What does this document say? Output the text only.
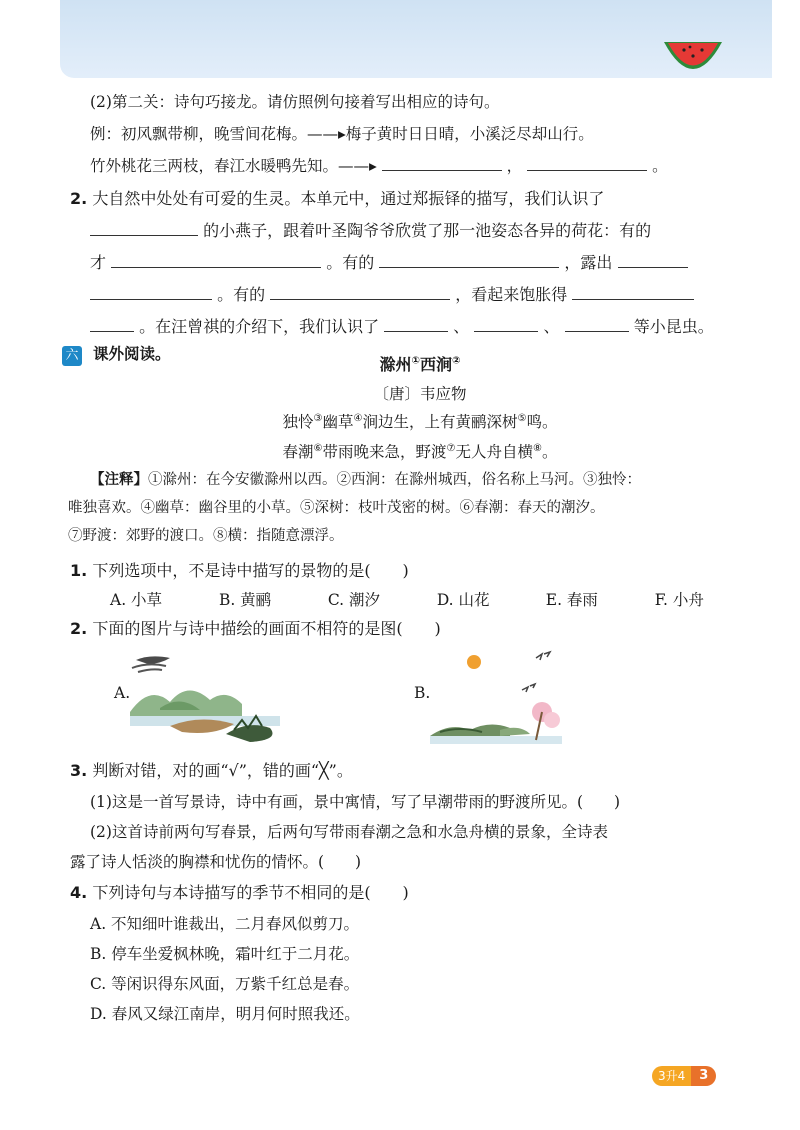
(2)第二关：诗句巧接龙。请仿照例句接着写出相应的诗句。
例：初风飘带柳，晚雪间花梅。——▸梅子黄时日日晴，小溪泛尽却山行。
竹外桃花三两枝，春江水暖鸭先知。——▸	，	。
2. 大自然中处处有可爱的生灵。本单元中，通过郑振铎的描写，我们认识了
的小燕子，跟着叶圣陶爷爷欣赏了那一池姿态各异的荷花：有的
才	。有的	，露出
。有的	，看起来饱胀得
。在汪曾祺的介绍下，我们认识了	、	、	等小昆虫。
六 课外阅读。
滁州①西涧②
〔唐〕韦应物
独怜③幽草④涧边生，上有黄鹂深树⑤鸣。
春潮⑥带雨晚来急，野渡⑦无人舟自横⑧。
【注释】①滁州：在今安徽滁州以西。②西涧：在滁州城西，俗名称上马河。③独怜：
唯独喜欢。④幽草：幽谷里的小草。⑤深树：枝叶茂密的树。⑥春潮：春天的潮汐。
⑦野渡：郊野的渡口。⑧横：指随意漂浮。
1. 下列选项中，不是诗中描写的景物的是(　　)
A. 小草	B. 黄鹂	C. 潮汐	D. 山花	E. 春雨	F. 小舟
2. 下面的图片与诗中描绘的画面不相符的是图(　　)
A.	B.
3. 判断对错，对的画“√”，错的画“╳”。
(1)这是一首写景诗，诗中有画，景中寓情，写了早潮带雨的野渡所见。(　　)
(2)这首诗前两句写春景，后两句写带雨春潮之急和水急舟横的景象，全诗表
露了诗人恬淡的胸襟和忧伤的情怀。(　　)
4. 下列诗句与本诗描写的季节不相同的是(　　)
A. 不知细叶谁裁出，二月春风似剪刀。
B. 停车坐爱枫林晚，霜叶红于二月花。
C. 等闲识得东风面，万紫千红总是春。
D. 春风又绿江南岸，明月何时照我还。
3升4	3
